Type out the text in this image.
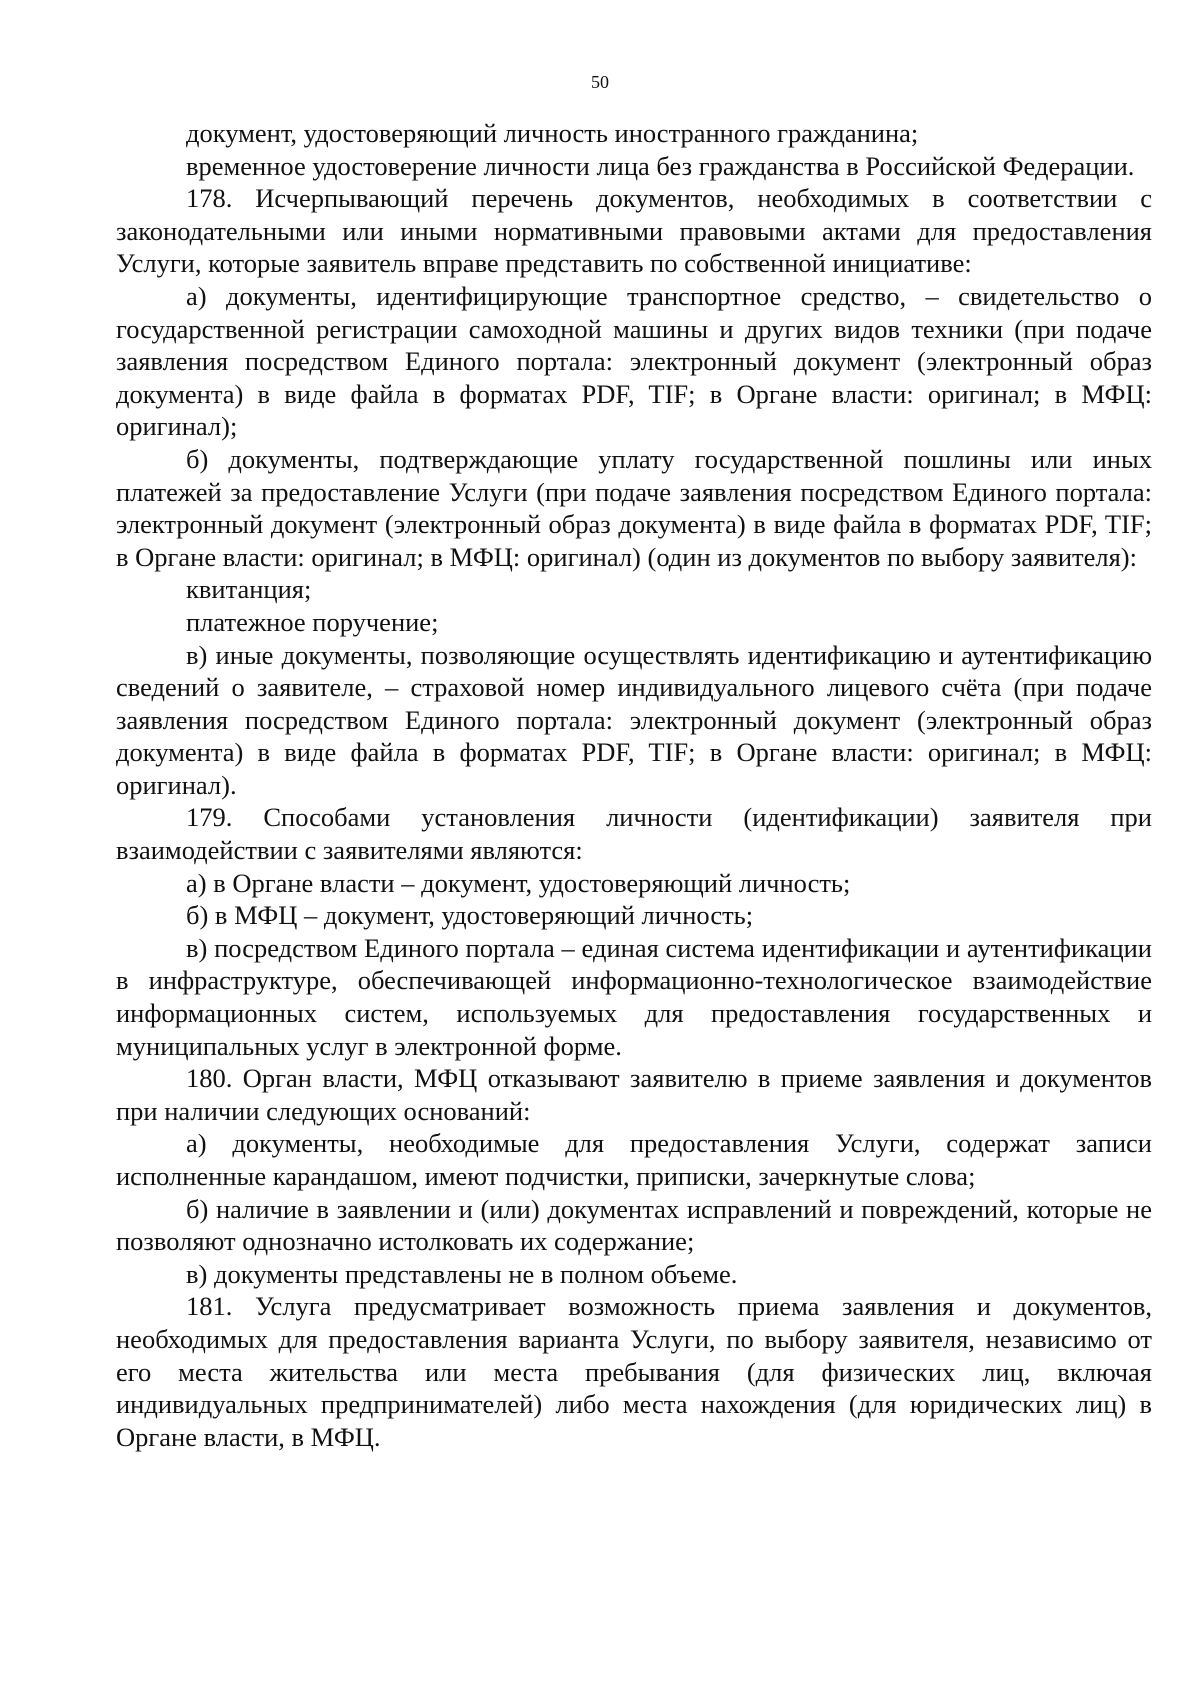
50

документ, удостоверяющий личность иностранного гражданина;

временное удостоверение личности лица без гражданства в Российской Федерации.

178. Исчерпывающий перечень документов, необходимых в соответствии с законодательными или иными нормативными правовыми актами для предоставления Услуги, которые заявитель вправе представить по собственной инициативе:

а) документы, идентифицирующие транспортное средство, – свидетельство о государственной регистрации самоходной машины и других видов техники (при подаче заявления посредством Единого портала: электронный документ (электронный образ документа) в виде файла в форматах PDF, TIF; в Органе власти: оригинал; в МФЦ: оригинал);

б) документы, подтверждающие уплату государственной пошлины или иных платежей за предоставление Услуги (при подаче заявления посредством Единого портала: электронный документ (электронный образ документа) в виде файла в форматах PDF, TIF; в Органе власти: оригинал; в МФЦ: оригинал) (один из документов по выбору заявителя):

квитанция;

платежное поручение;

в) иные документы, позволяющие осуществлять идентификацию и аутентификацию сведений о заявителе, – страховой номер индивидуального лицевого счёта (при подаче заявления посредством Единого портала: электронный документ (электронный образ документа) в виде файла в форматах PDF, TIF; в Органе власти: оригинал; в МФЦ: оригинал).

179. Способами установления личности (идентификации) заявителя при взаимодействии с заявителями являются:

а) в Органе власти – документ, удостоверяющий личность;

б) в МФЦ – документ, удостоверяющий личность;

в) посредством Единого портала – единая система идентификации и аутентификации в инфраструктуре, обеспечивающей информационно-технологическое взаимодействие информационных систем, используемых для предоставления государственных и муниципальных услуг в электронной форме.

180. Орган власти, МФЦ отказывают заявителю в приеме заявления и документов при наличии следующих оснований:

а) документы, необходимые для предоставления Услуги, содержат записи исполненные карандашом, имеют подчистки, приписки, зачеркнутые слова;

б) наличие в заявлении и (или) документах исправлений и повреждений, которые не позволяют однозначно истолковать их содержание;

в) документы представлены не в полном объеме.

181. Услуга предусматривает возможность приема заявления и документов, необходимых для предоставления варианта Услуги, по выбору заявителя, независимо от его места жительства или места пребывания (для физических лиц, включая индивидуальных предпринимателей) либо места нахождения (для юридических лиц) в Органе власти, в МФЦ.
